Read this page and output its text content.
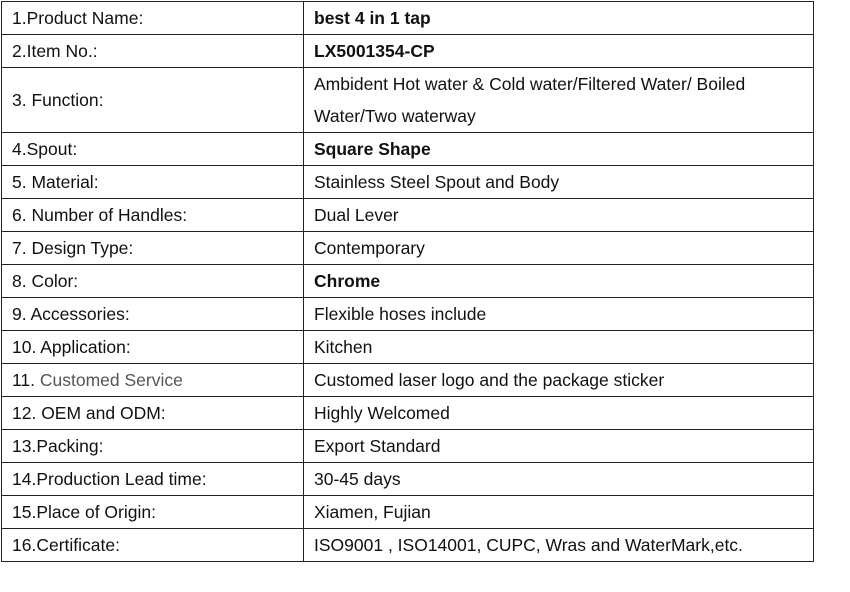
1.Product Name:	best 4 in 1 tap
2.Item No.:	LX5001354-CP
3. Function:	Ambident Hot water & Cold water/Filtered Water/ Boiled Water/Two waterway
4.Spout:	Square Shape
5. Material:	Stainless Steel Spout and Body
6. Number of Handles:	Dual Lever
7. Design Type:	Contemporary
8. Color:	Chrome
9. Accessories:	Flexible hoses include
10. Application:	Kitchen
11. Customed Service	Customed laser logo and the package sticker
12. OEM and ODM:	Highly Welcomed
13.Packing:	Export Standard
14.Production Lead time:	30-45 days
15.Place of Origin:	Xiamen, Fujian
16.Certificate:	ISO9001 , ISO14001, CUPC, Wras and WaterMark,etc.
